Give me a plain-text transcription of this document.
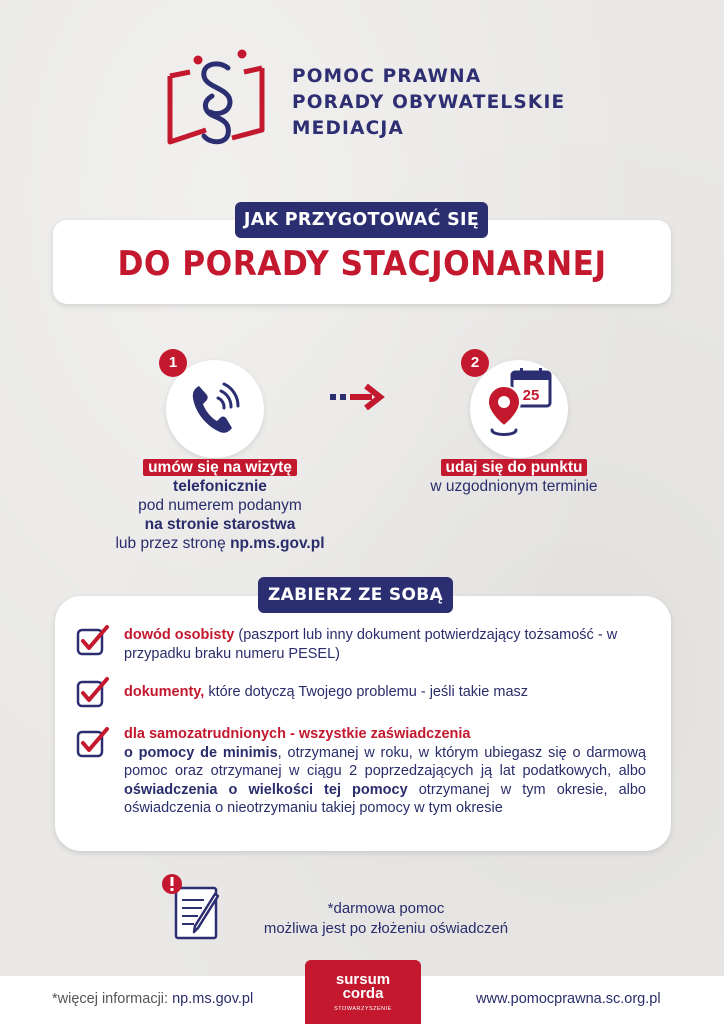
POMOC PRAWNA
PORADY OBYWATELSKIE
MEDIACJA
JAK PRZYGOTOWAĆ SIĘ
DO PORADY STACJONARNEJ
1	2
25
umów się na wizytę
telefonicznie
pod numerem podanym
na stronie starostwa
lub przez stronę np.ms.gov.pl
udaj się do punktu
w uzgodnionym terminie
ZABIERZ ZE SOBĄ
dowód osobisty (paszport lub inny dokument potwierdzający tożsamość - w przypadku braku numeru PESEL)
dokumenty, które dotyczą Twojego problemu - jeśli takie masz
dla samozatrudnionych - wszystkie zaświadczenia
o pomocy de minimis, otrzymanej w roku, w którym ubiegasz się o darmową pomoc oraz otrzymanej w ciągu 2 poprzedzających ją lat podatkowych, albo oświadczenia o wielkości tej pomocy otrzymanej w tym okresie, albo oświadczenia o nieotrzymaniu takiej pomocy w tym okresie
*darmowa pomoc
możliwa jest po złożeniu oświadczeń
*więcej informacji: np.ms.gov.pl	www.pomocprawna.sc.org.pl
sursum
corda
STOWARZYSZENIE
